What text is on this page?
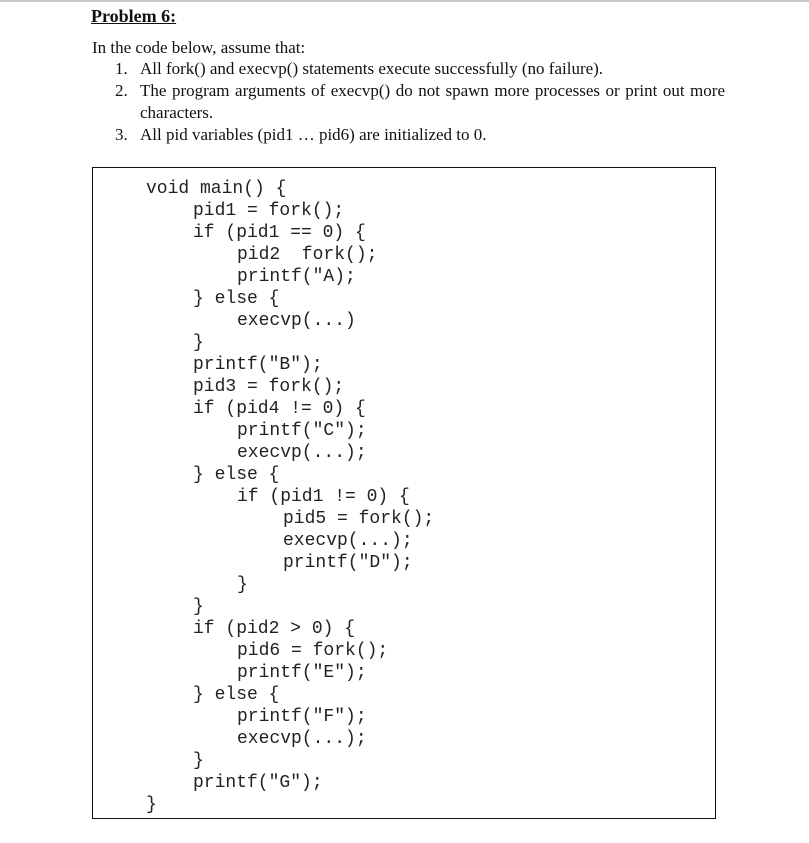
Problem 6:
In the code below, assume that:
1. All fork() and execvp() statements execute successfully (no failure).
2. The program arguments of execvp() do not spawn more processes or print out more characters.
3. All pid variables (pid1 … pid6) are initialized to 0.
void main() {
pid1 = fork();
if (pid1 == 0) {
pid2  fork();
printf("A);
} else {
execvp(...)
}
printf("B");
pid3 = fork();
if (pid4 != 0) {
printf("C");
execvp(...);
} else {
if (pid1 != 0) {
pid5 = fork();
execvp(...);
printf("D");
}
}
if (pid2 > 0) {
pid6 = fork();
printf("E");
} else {
printf("F");
execvp(...);
}
printf("G");
}
